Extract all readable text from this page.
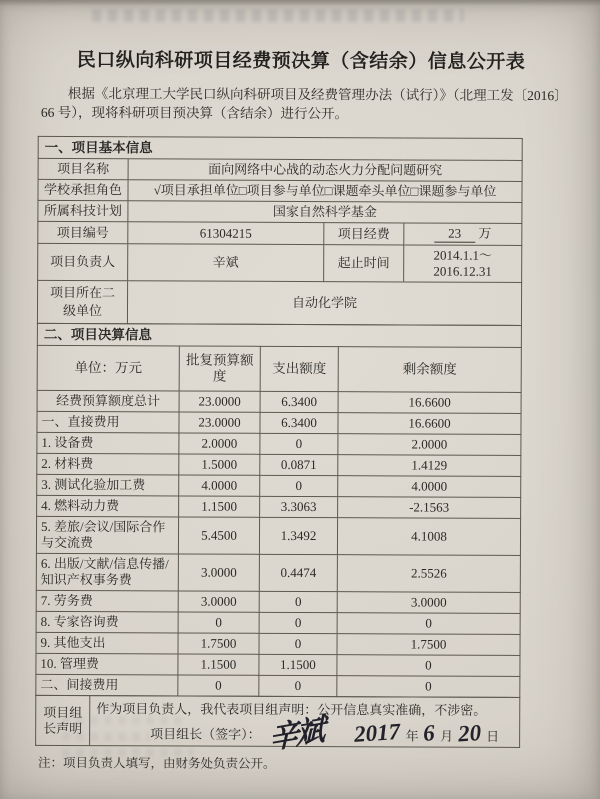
民口纵向科研项目经费预决算（含结余）信息公开表
根据《北京理工大学民口纵向科研项目及经费管理办法（试行）》（北理工发〔2016〕66 号），现将科研项目预决算（含结余）进行公开。
一、项目基本信息			
项目名称	面向网络中心战的动态火力分配问题研究		
学校承担角色	√项目承担单位□项目参与单位□课题牵头单位□课题参与单位		
所属科技计划	国家自然科学基金		
项目编号	61304215	项目经费	23 万
项目负责人	辛斌	起止时间	2014.1.1～2016.12.31
项目所在二级单位	自动化学院		
二、项目决算信息			
单位：万元	批复预算额度	支出额度	剩余额度
经费预算额度总计	23.0000	6.3400	16.6600
一、直接费用	23.0000	6.3400	16.6600
1. 设备费	2.0000	0	2.0000
2. 材料费	1.5000	0.0871	1.4129
3. 测试化验加工费	4.0000	0	4.0000
4. 燃料动力费	1.1500	3.3063	-2.1563
5. 差旅/会议/国际合作与交流费	5.4500	1.3492	4.1008
6. 出版/文献/信息传播/知识产权事务费	3.0000	0.4474	2.5526
7. 劳务费	3.0000	0	3.0000
8. 专家咨询费	0	0	0
9. 其他支出	1.7500	0	1.7500
10. 管理费	1.1500	1.1500	0
二、间接费用	0	0	0
项目组长声明	
作为项目负责人，我代表项目组声明：公开信息真实准确，不涉密。
项目组长（签字）： 辛斌 2017 年 6 月 20 日
注：项目负责人填写，由财务处负责公开。
